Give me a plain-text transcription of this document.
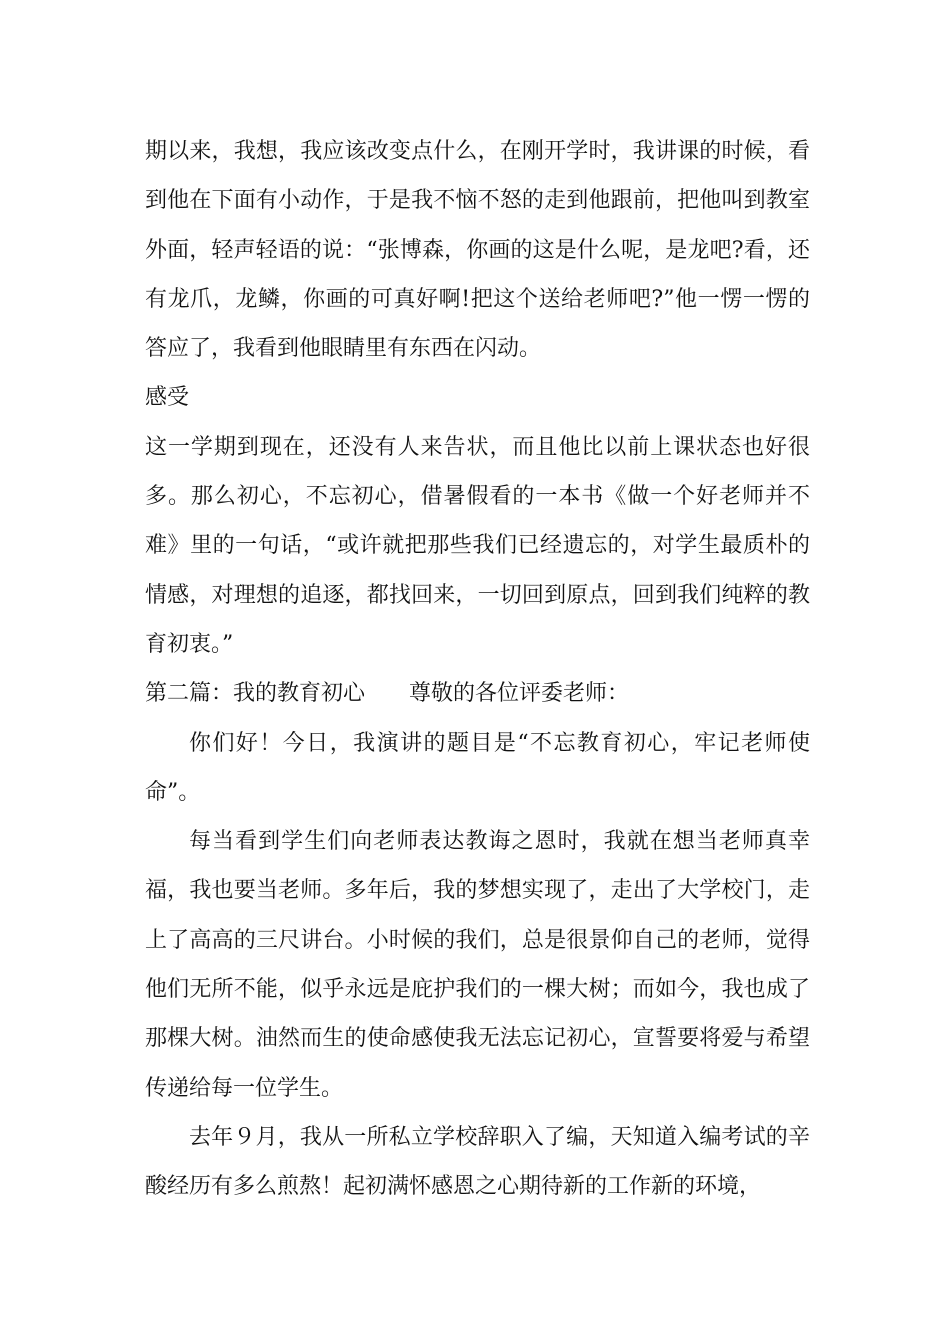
期以来，我想，我应该改变点什么，在刚开学时，我讲课的时候，看到他在下面有小动作，于是我不恼不怒的走到他跟前，把他叫到教室外面，轻声轻语的说：“张博森，你画的这是什么呢，是龙吧?看，还有龙爪，龙鳞，你画的可真好啊!把这个送给老师吧?”他一愣一愣的答应了，我看到他眼睛里有东西在闪动。

感受

这一学期到现在，还没有人来告状，而且他比以前上课状态也好很多。那么初心，不忘初心，借暑假看的一本书《做一个好老师并不难》里的一句话，“或许就把那些我们已经遗忘的，对学生最质朴的情感，对理想的追逐，都找回来，一切回到原点，回到我们纯粹的教育初衷。”

第二篇：我的教育初心　　尊敬的各位评委老师：

你们好！今日，我演讲的题目是“不忘教育初心，牢记老师使命”。

每当看到学生们向老师表达教诲之恩时，我就在想当老师真幸福，我也要当老师。多年后，我的梦想实现了，走出了大学校门，走上了高高的三尺讲台。小时候的我们，总是很景仰自己的老师，觉得他们无所不能，似乎永远是庇护我们的一棵大树；而如今，我也成了那棵大树。油然而生的使命感使我无法忘记初心，宣誓要将爱与希望传递给每一位学生。

去年９月，我从一所私立学校辞职入了编，天知道入编考试的辛酸经历有多么煎熬！起初满怀感恩之心期待新的工作新的环境，
